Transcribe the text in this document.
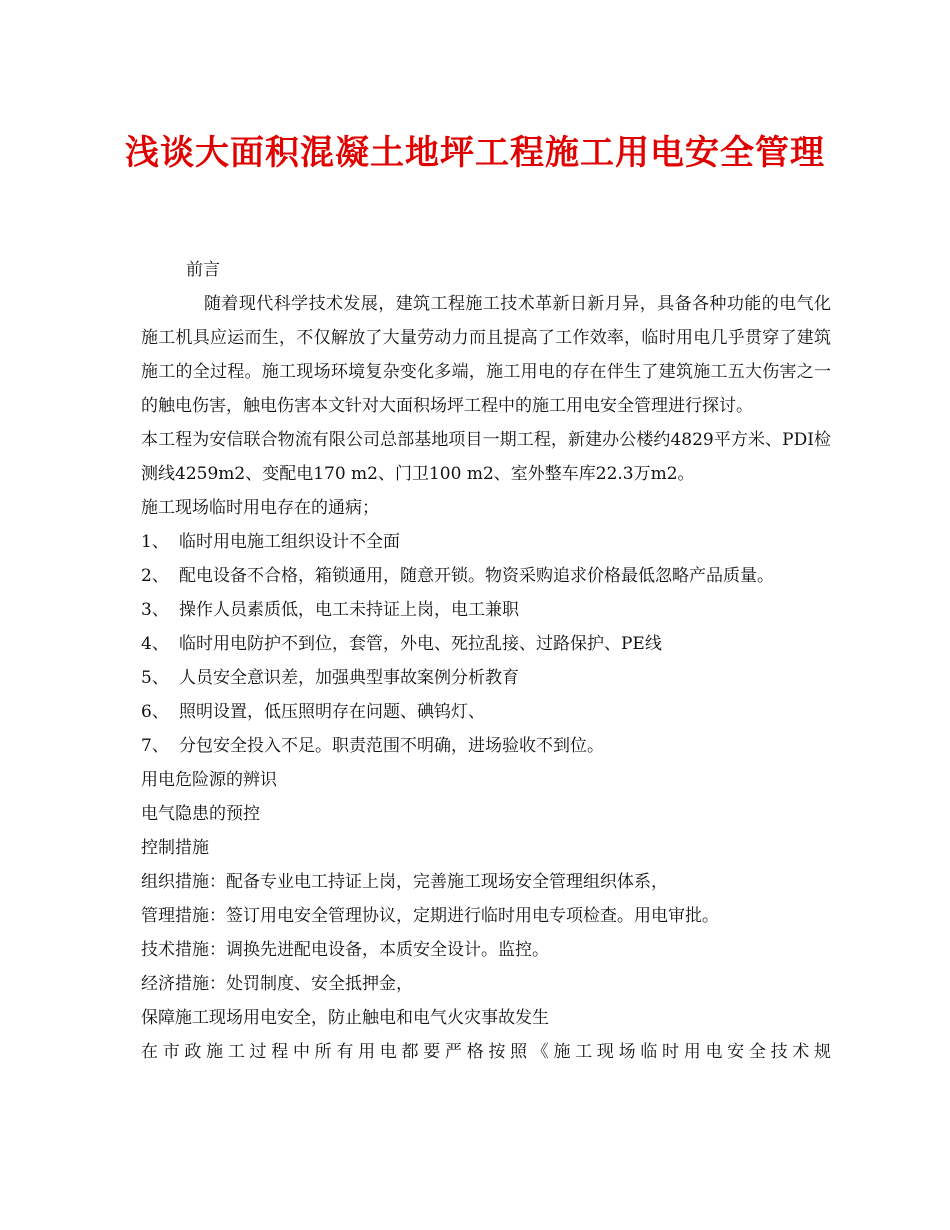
浅谈大面积混凝土地坪工程施工用电安全管理

前言

随着现代科学技术发展，建筑工程施工技术革新日新月异，具备各种功能的电气化施工机具应运而生，不仅解放了大量劳动力而且提高了工作效率，临时用电几乎贯穿了建筑施工的全过程。施工现场环境复杂变化多端，施工用电的存在伴生了建筑施工五大伤害之一的触电伤害，触电伤害本文针对大面积场坪工程中的施工用电安全管理进行探讨。

本工程为安信联合物流有限公司总部基地项目一期工程，新建办公楼约4829平方米、PDI检测线4259m2、变配电170 m2、门卫100 m2、室外整车库22.3万m2。

施工现场临时用电存在的通病；

1、 临时用电施工组织设计不全面

2、 配电设备不合格，箱锁通用，随意开锁。物资采购追求价格最低忽略产品质量。

3、 操作人员素质低，电工未持证上岗，电工兼职

4、 临时用电防护不到位，套管，外电、死拉乱接、过路保护、PE线

5、 人员安全意识差，加强典型事故案例分析教育

6、 照明设置，低压照明存在问题、碘钨灯、

7、 分包安全投入不足。职责范围不明确，进场验收不到位。

用电危险源的辨识

电气隐患的预控

控制措施

组织措施：配备专业电工持证上岗，完善施工现场安全管理组织体系，

管理措施：签订用电安全管理协议，定期进行临时用电专项检查。用电审批。

技术措施：调换先进配电设备，本质安全设计。监控。

经济措施：处罚制度、安全抵押金，

保障施工现场用电安全，防止触电和电气火灾事故发生

在市政施工过程中所有用电都要严格按照《施工现场临时用电安全技术规
